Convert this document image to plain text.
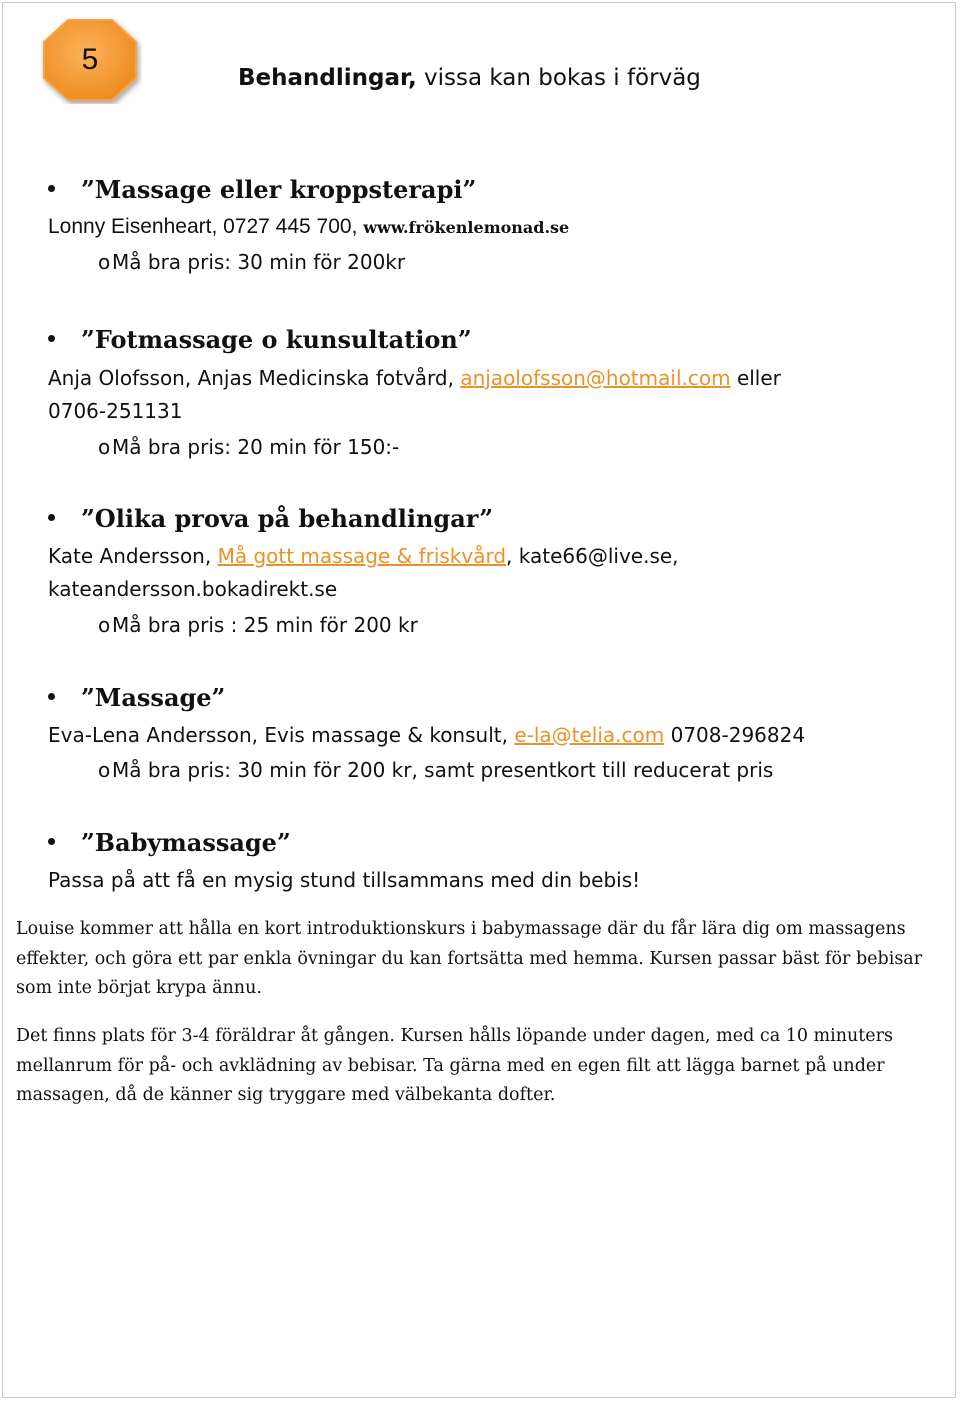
5
Behandlingar, vissa kan bokas i förväg
”Massage eller kroppsterapi”
Lonny Eisenheart, 0727 445 700, www.frökenlemonad.se
o Må bra pris: 30 min för 200kr
”Fotmassage o kunsultation”
Anja Olofsson, Anjas Medicinska fotvård, anjaolofsson@hotmail.com eller
0706-251131
o Må bra pris: 20 min för 150:-
”Olika prova på behandlingar”
Kate Andersson, Må gott massage & friskvård, kate66@live.se,
kateandersson.bokadirekt.se
o Må bra pris : 25 min för 200 kr
”Massage”
Eva-Lena Andersson, Evis massage & konsult, e-la@telia.com 0708-296824
o Må bra pris: 30 min för 200 kr, samt presentkort till reducerat pris
”Babymassage”
Passa på att få en mysig stund tillsammans med din bebis!
Louise kommer att hålla en kort introduktionskurs i babymassage där du får lära dig om massagens effekter, och göra ett par enkla övningar du kan fortsätta med hemma. Kursen passar bäst för bebisar som inte börjat krypa ännu.
Det finns plats för 3-4 föräldrar åt gången. Kursen hålls löpande under dagen, med ca 10 minuters mellanrum för på- och avklädning av bebisar. Ta gärna med en egen filt att lägga barnet på under massagen, då de känner sig tryggare med välbekanta dofter.
